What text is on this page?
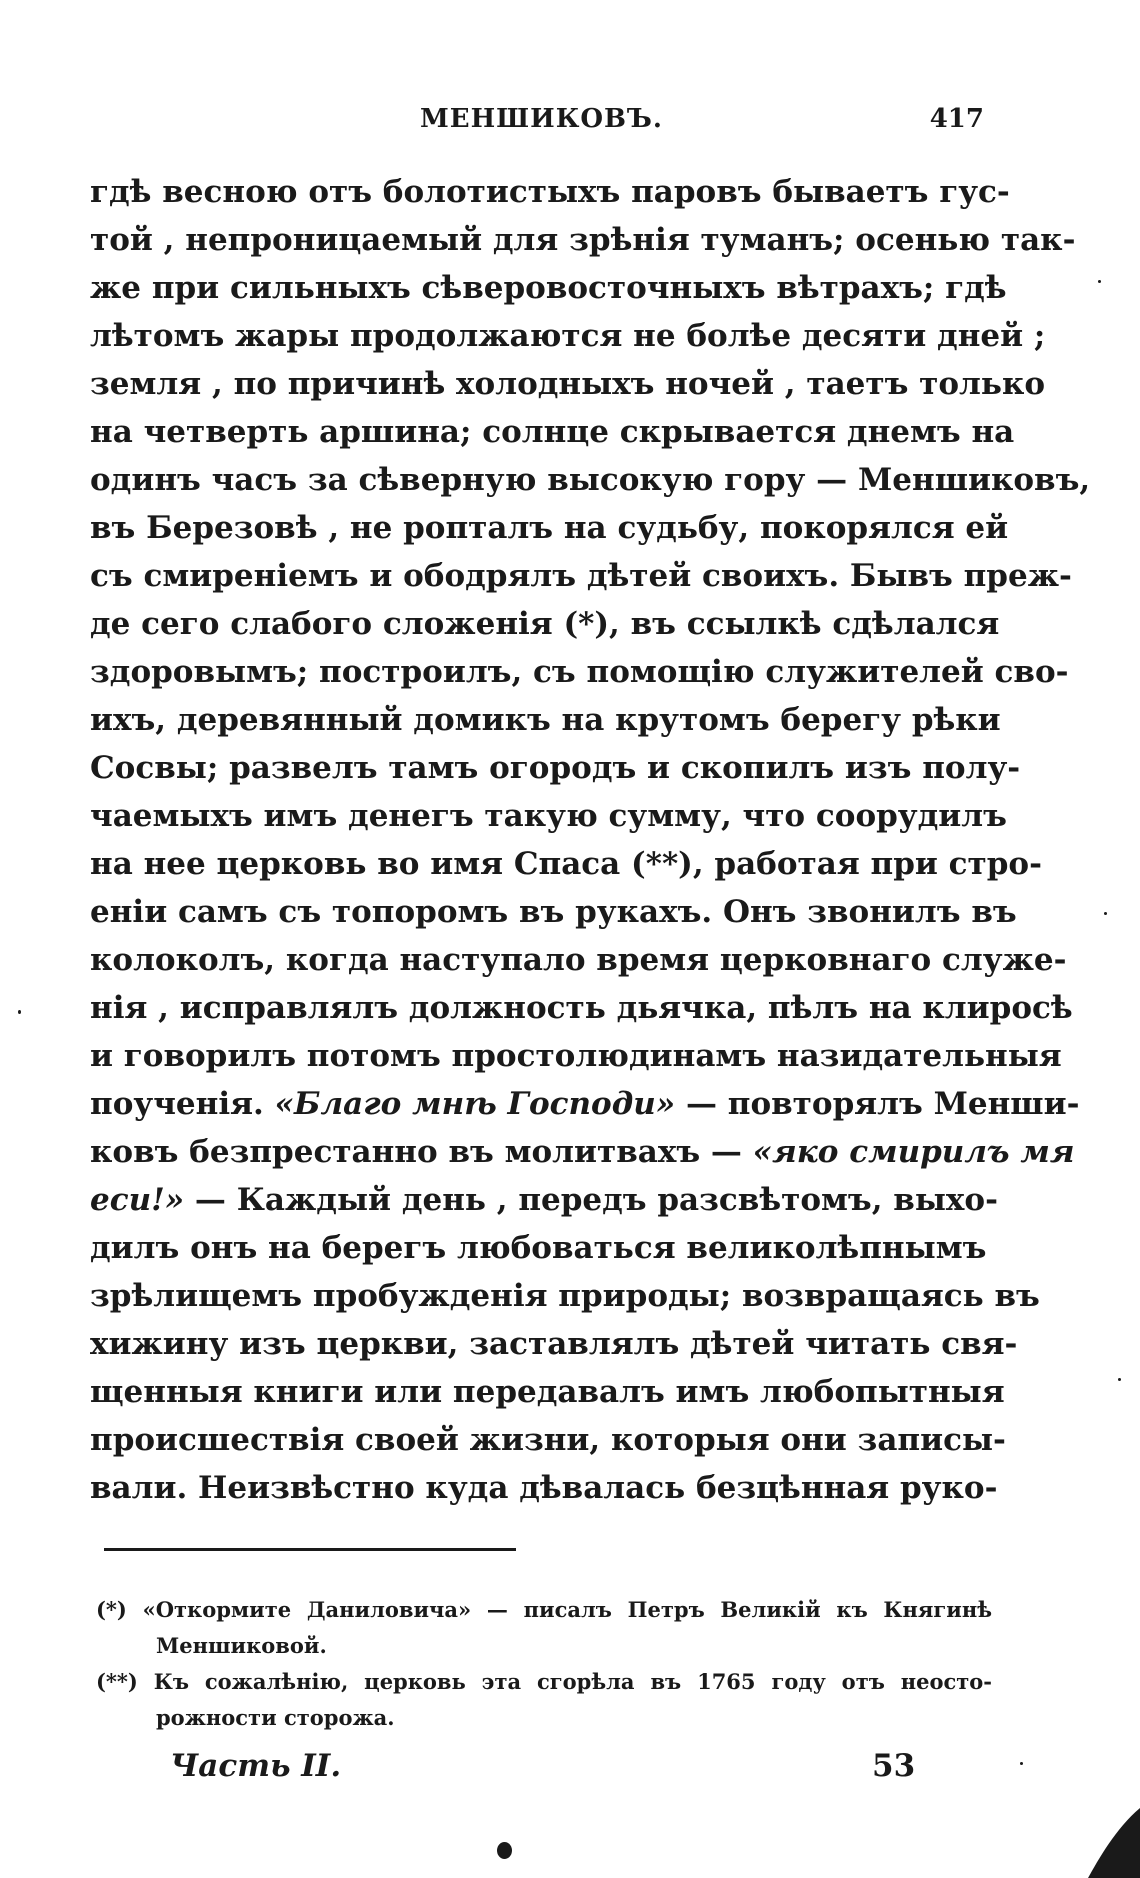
МЕНШИКОВЪ.	417
гдѣ весною отъ болотистыхъ паровъ бываетъ гус-
той , непроницаемый для зрѣнія туманъ; осенью так-
же при сильныхъ сѣверовосточныхъ вѣтрахъ; гдѣ
лѣтомъ жары продолжаются не болѣе десяти дней ;
земля , по причинѣ холодныхъ ночей , таетъ только
на четверть аршина; солнце скрывается днемъ на
одинъ часъ за сѣверную высокую гору — Меншиковъ,
въ Березовѣ , не ропталъ на судьбу, покорялся ей
съ смиреніемъ и ободрялъ дѣтей своихъ. Бывъ преж-
де сего слабого сложенія (*), въ ссылкѣ сдѣлался
здоровымъ; построилъ, съ помощію служителей сво-
ихъ, деревянный домикъ на крутомъ берегу рѣки
Сосвы; развелъ тамъ огородъ и скопилъ изъ полу-
чаемыхъ имъ денегъ такую сумму, что соорудилъ
на нее церковь во имя Спаса (**), работая при стро-
еніи самъ съ топоромъ въ рукахъ. Онъ звонилъ въ
колоколъ, когда наступало время церковнаго служе-
нія , исправлялъ должность дьячка, пѣлъ на клиросѣ
и говорилъ потомъ простолюдинамъ назидательныя
поученія. «Благо мнѣ Господи» — повторялъ Менши-
ковъ безпрестанно въ молитвахъ — «яко смирилъ мя
еси!» — Каждый день , передъ разсвѣтомъ, выхо-
дилъ онъ на берегъ любоваться великолѣпнымъ
зрѣлищемъ пробужденія природы; возвращаясь въ
хижину изъ церкви, заставлялъ дѣтей читать свя-
щенныя книги или передавалъ имъ любопытныя
происшествія своей жизни, которыя они записы-
вали. Неизвѣстно куда дѣвалась безцѣнная руко-
(*) «Откормите Даниловича» — писалъ Петръ Великій къ Княгинѣ
Меншиковой.
(**) Къ сожалѣнію, церковь эта сгорѣла въ 1765 году отъ неосто-
рожности сторожа.
Часть II.	53
